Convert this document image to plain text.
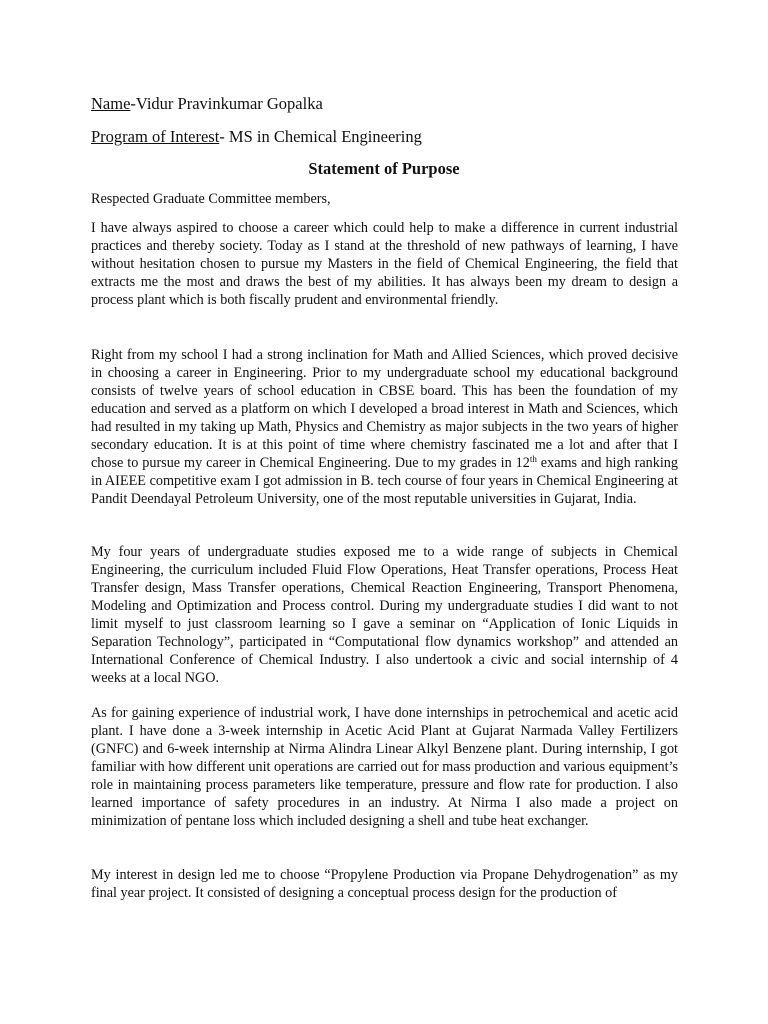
Name-Vidur Pravinkumar Gopalka
Program of Interest- MS in Chemical Engineering
Statement of Purpose

Respected Graduate Committee members,

I have always aspired to choose a career which could help to make a difference in current industrial practices and thereby society. Today as I stand at the threshold of new pathways of learning, I have without hesitation chosen to pursue my Masters in the field of Chemical Engineering, the field that extracts me the most and draws the best of my abilities. It has always been my dream to design a process plant which is both fiscally prudent and environmental friendly.

Right from my school I had a strong inclination for Math and Allied Sciences, which proved decisive in choosing a career in Engineering. Prior to my undergraduate school my educational background consists of twelve years of school education in CBSE board. This has been the foundation of my education and served as a platform on which I developed a broad interest in Math and Sciences, which had resulted in my taking up Math, Physics and Chemistry as major subjects in the two years of higher secondary education. It is at this point of time where chemistry fascinated me a lot and after that I chose to pursue my career in Chemical Engineering. Due to my grades in 12th exams and high ranking in AIEEE competitive exam I got admission in B. tech course of four years in Chemical Engineering at Pandit Deendayal Petroleum University, one of the most reputable universities in Gujarat, India.

My four years of undergraduate studies exposed me to a wide range of subjects in Chemical Engineering, the curriculum included Fluid Flow Operations, Heat Transfer operations, Process Heat Transfer design, Mass Transfer operations, Chemical Reaction Engineering, Transport Phenomena, Modeling and Optimization and Process control. During my undergraduate studies I did want to not limit myself to just classroom learning so I gave a seminar on “Application of Ionic Liquids in Separation Technology”, participated in “Computational flow dynamics workshop” and attended an International Conference of Chemical Industry. I also undertook a civic and social internship of 4 weeks at a local NGO.

As for gaining experience of industrial work, I have done internships in petrochemical and acetic acid plant. I have done a 3-week internship in Acetic Acid Plant at Gujarat Narmada Valley Fertilizers (GNFC) and 6-week internship at Nirma Alindra Linear Alkyl Benzene plant. During internship, I got familiar with how different unit operations are carried out for mass production and various equipment’s role in maintaining process parameters like temperature, pressure and flow rate for production. I also learned importance of safety procedures in an industry. At Nirma I also made a project on minimization of pentane loss which included designing a shell and tube heat exchanger.

My interest in design led me to choose “Propylene Production via Propane Dehydrogenation” as my final year project. It consisted of designing a conceptual process design for the production of
